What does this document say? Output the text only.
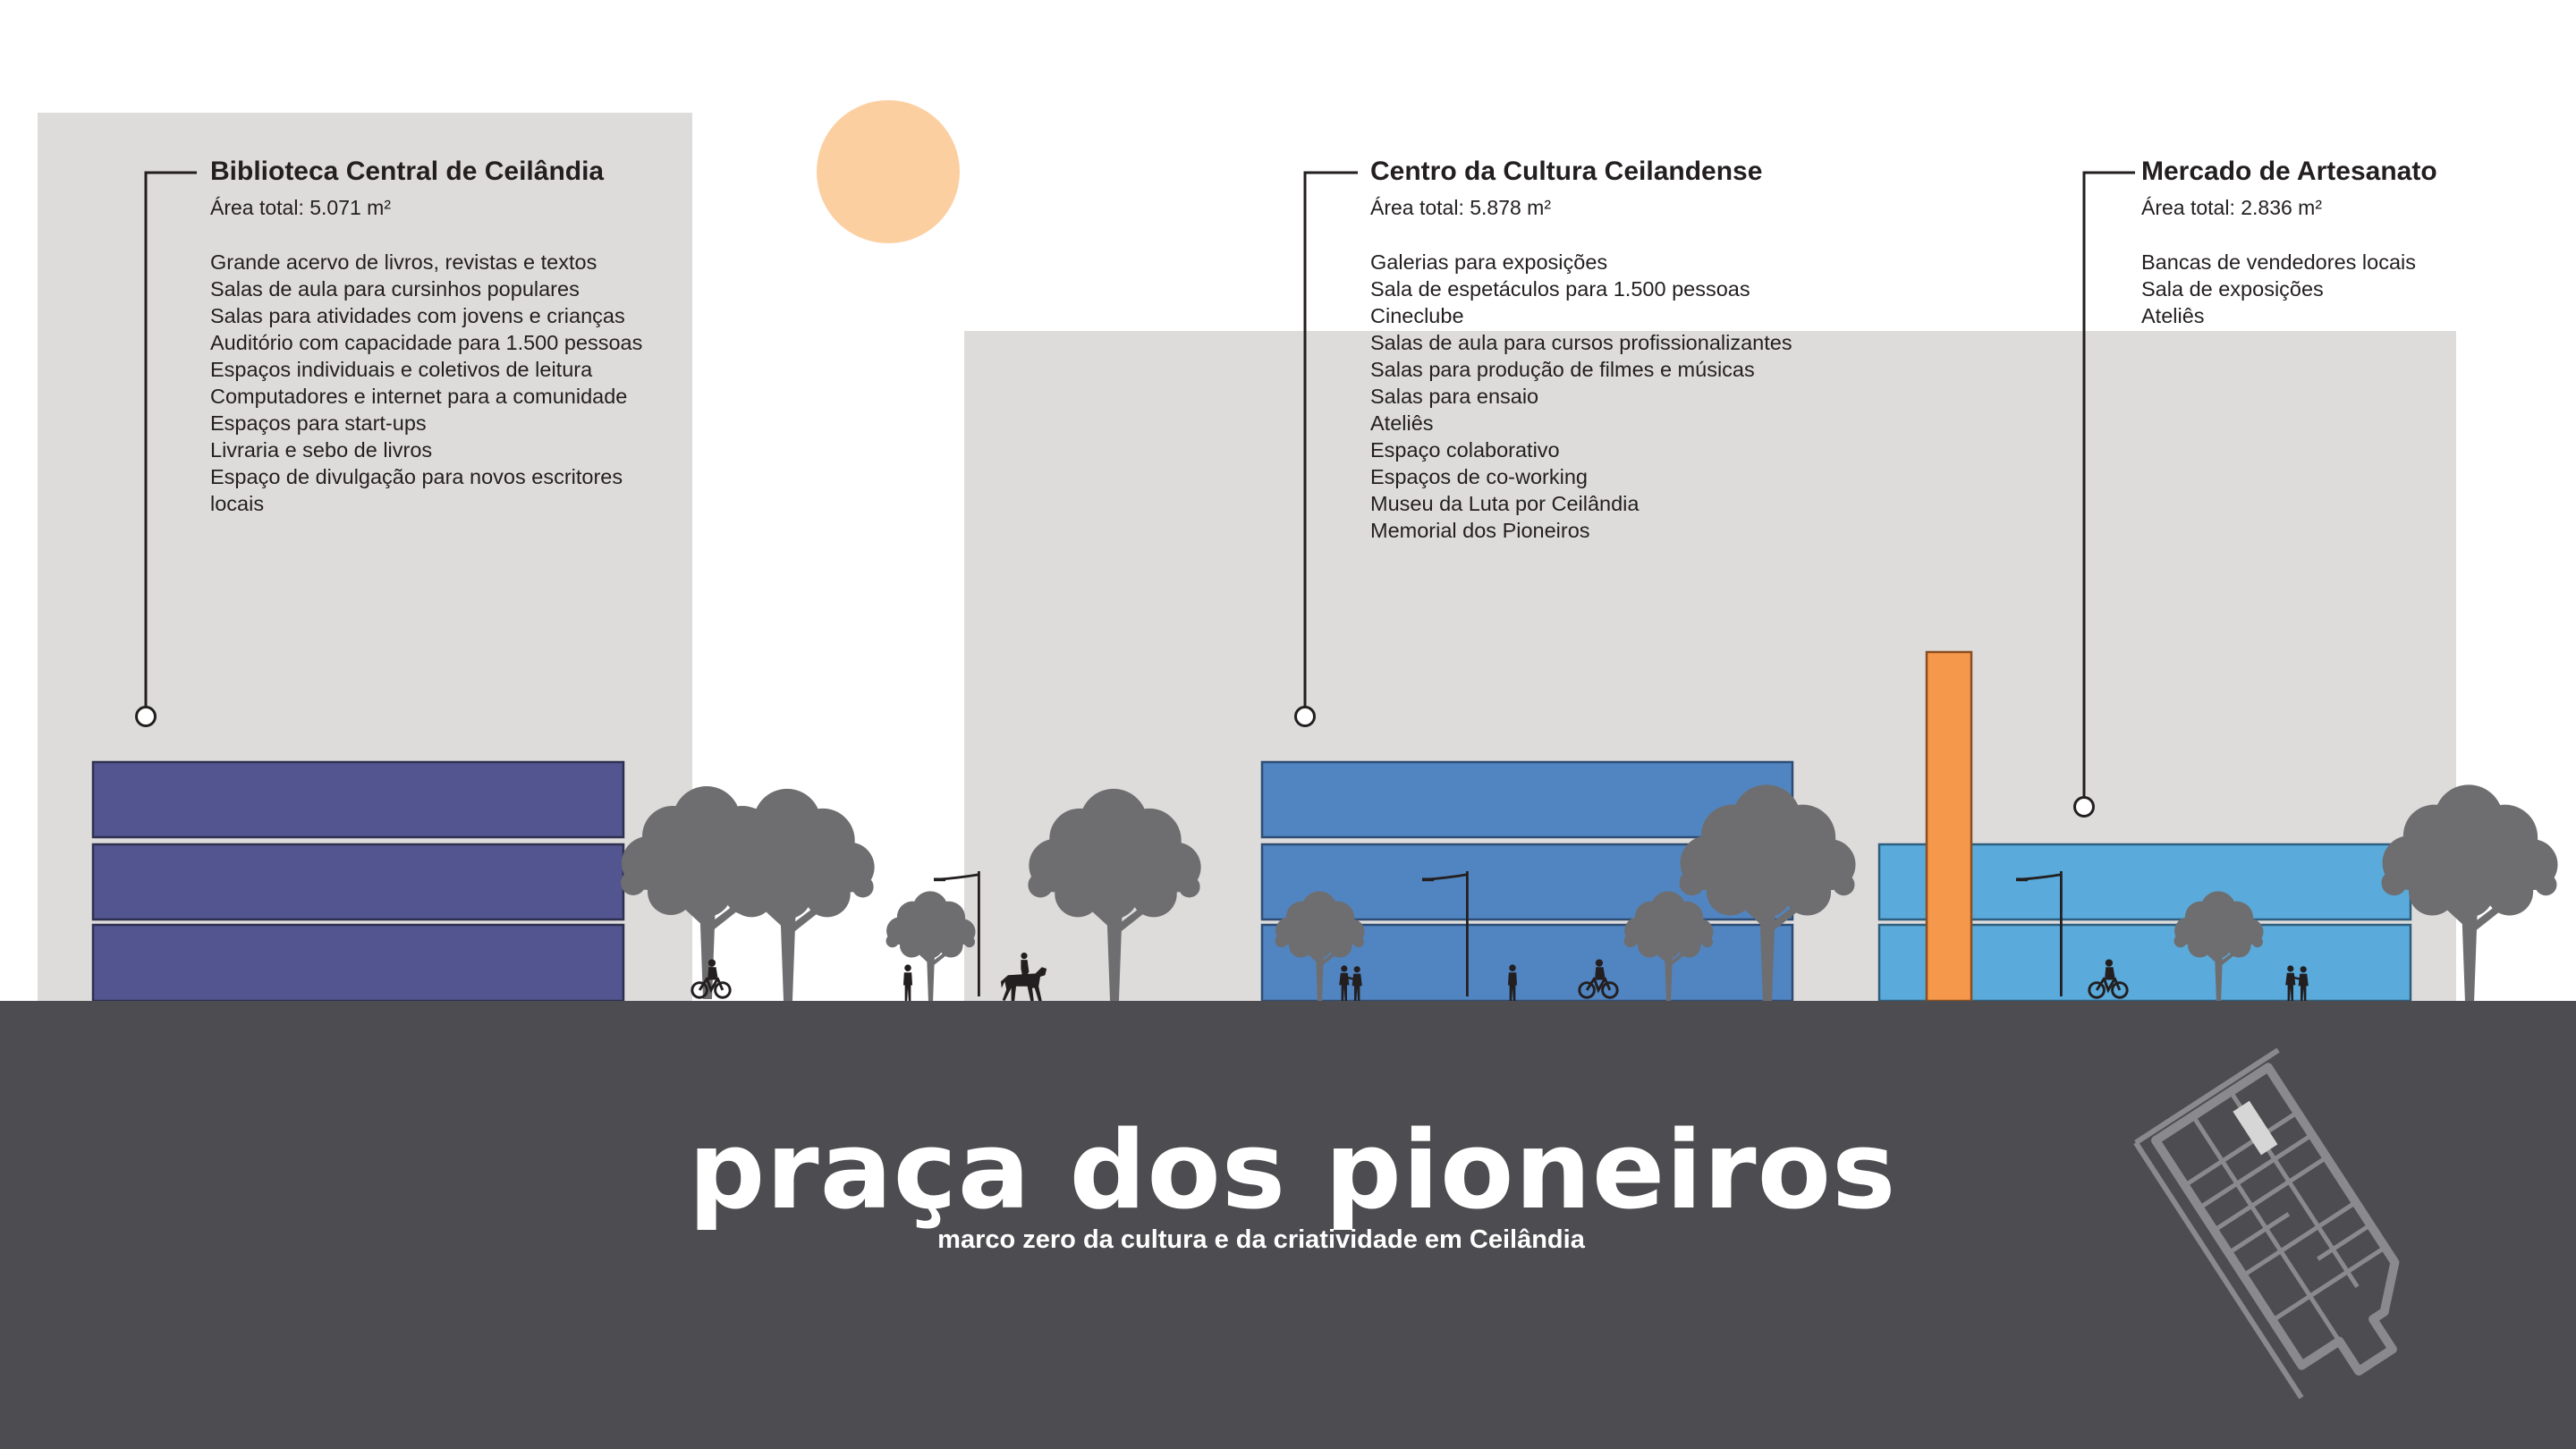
Biblioteca Central de Ceilândia
Área total: 5.071 m²
Grande acervo de livros, revistas e textos
Salas de aula para cursinhos populares
Salas para atividades com jovens e crianças
Auditório com capacidade para 1.500 pessoas
Espaços individuais e coletivos de leitura
Computadores e internet para a comunidade
Espaços para start-ups
Livraria e sebo de livros
Espaço de divulgação para novos escritores
locais
Centro da Cultura Ceilandense
Área total: 5.878 m²
Galerias para exposições
Sala de espetáculos para 1.500 pessoas
Cineclube
Salas de aula para cursos profissionalizantes
Salas para produção de filmes e músicas
Salas para ensaio
Ateliês
Espaço colaborativo
Espaços de co-working
Museu da Luta por Ceilândia
Memorial dos Pioneiros
Mercado de Artesanato
Área total: 2.836 m²
Bancas de vendedores locais
Sala de exposições
Ateliês
praça dos pioneiros
marco zero da cultura e da criatividade em Ceilândia
